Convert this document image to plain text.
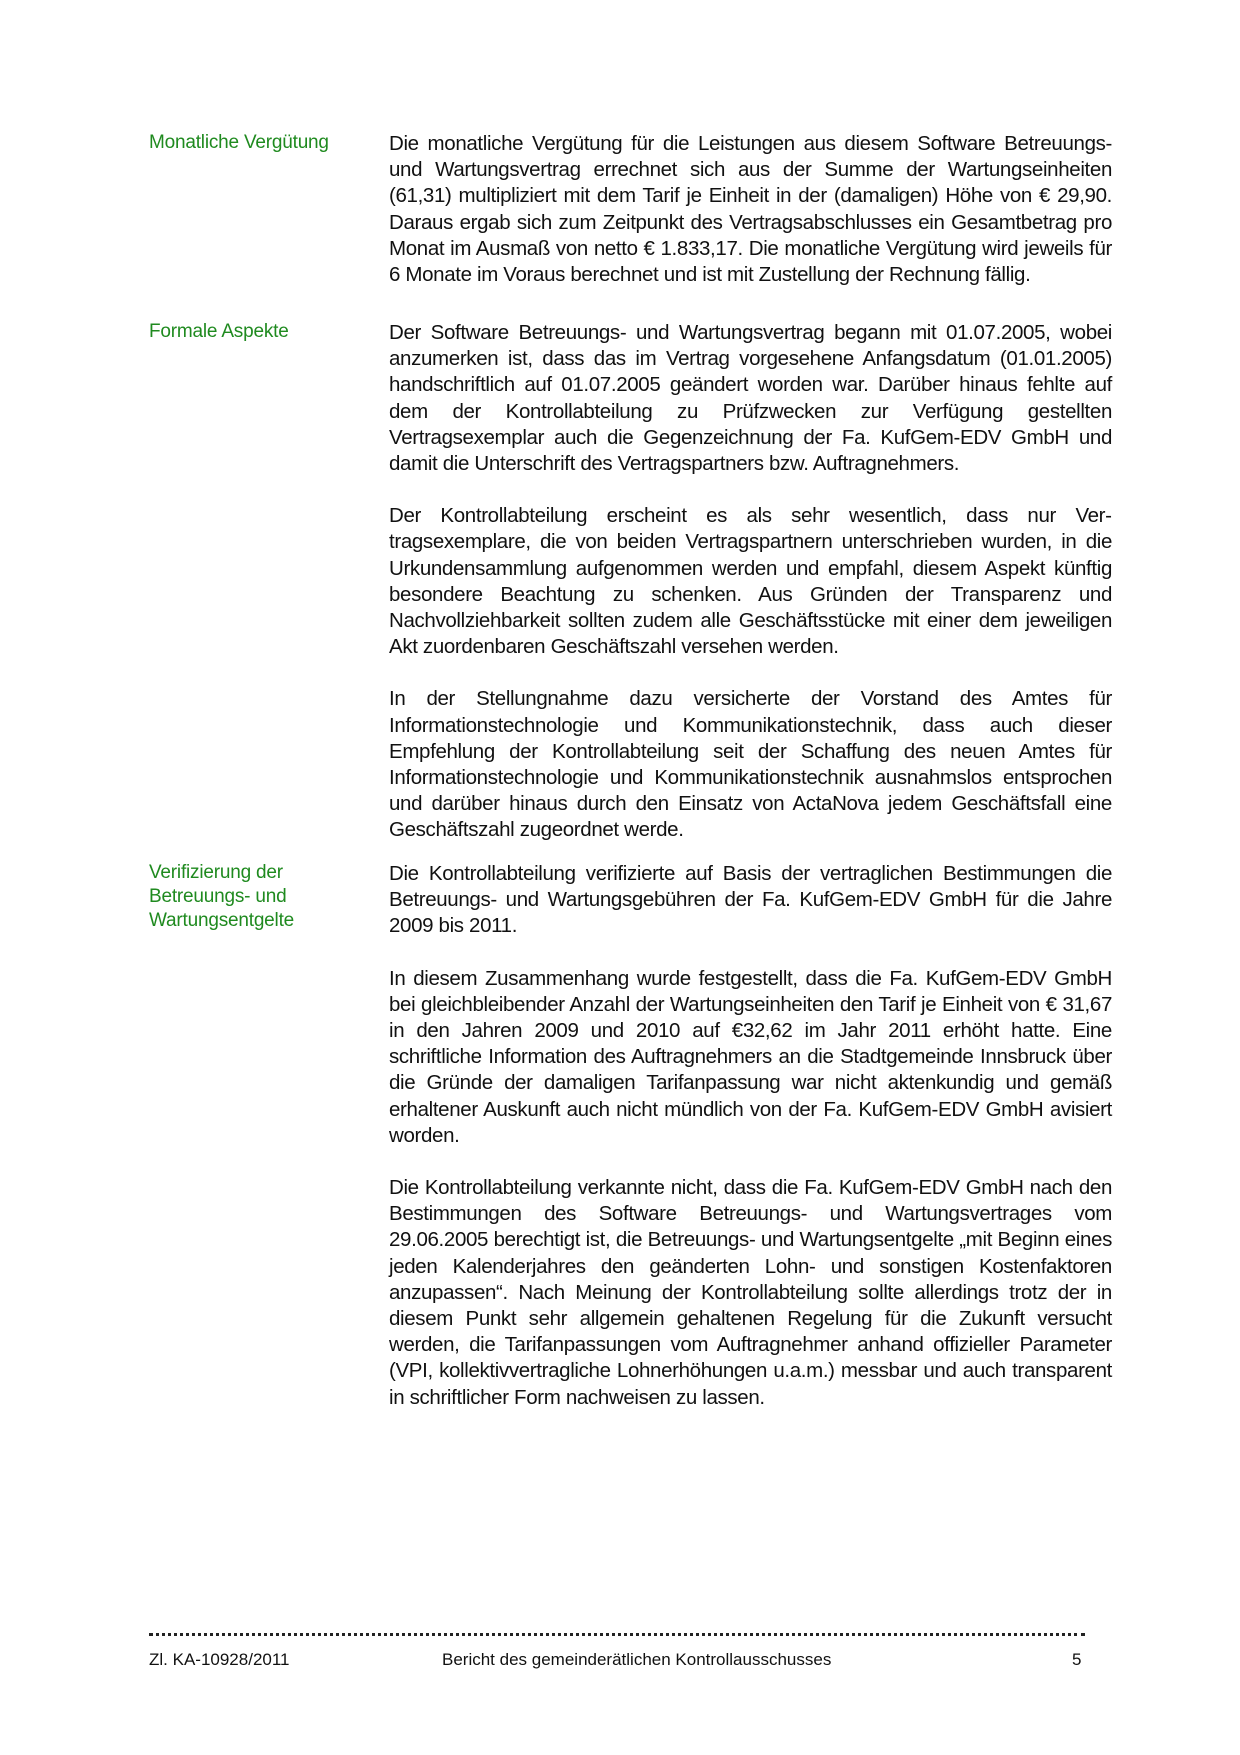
Monatliche Vergütung	Die monatliche Vergütung für die Leistungen aus diesem Software Betreuungs- und Wartungsvertrag errechnet sich aus der Summe der Wartungseinheiten (61,31) multipliziert mit dem Tarif je Einheit in der (damaligen) Höhe von € 29,90. Daraus ergab sich zum Zeitpunkt des Vertragsabschlusses ein Gesamtbetrag pro Monat im Ausmaß von netto € 1.833,17. Die monatliche Vergütung wird jeweils für 6 Monate im Voraus berechnet und ist mit Zustellung der Rechnung fällig.

Formale Aspekte	Der Software Betreuungs- und Wartungsvertrag begann mit 01.07.2005, wobei anzumerken ist, dass das im Vertrag vorgesehene Anfangsdatum (01.01.2005) handschriftlich auf 01.07.2005 geändert worden war. Darüber hinaus fehlte auf dem der Kontrollabteilung zu Prüfzwecken zur Verfügung gestellten Vertragsexemplar auch die Gegenzeichnung der Fa. KufGem-EDV GmbH und damit die Unterschrift des Vertragspartners bzw. Auftragnehmers.

Der Kontrollabteilung erscheint es als sehr wesentlich, dass nur Vertragsexemplare, die von beiden Vertragspartnern unterschrieben wurden, in die Urkundensammlung aufgenommen werden und empfahl, diesem Aspekt künftig besondere Beachtung zu schenken. Aus Gründen der Transparenz und Nachvollziehbarkeit sollten zudem alle Geschäftsstücke mit einer dem jeweiligen Akt zuordenbaren Geschäftszahl versehen werden.

In der Stellungnahme dazu versicherte der Vorstand des Amtes für Informationstechnologie und Kommunikationstechnik, dass auch dieser Empfehlung der Kontrollabteilung seit der Schaffung des neuen Amtes für Informationstechnologie und Kommunikationstechnik ausnahmslos entsprochen und darüber hinaus durch den Einsatz von ActaNova jedem Geschäftsfall eine Geschäftszahl zugeordnet werde.

Verifizierung der Betreuungs- und Wartungsentgelte

Die Kontrollabteilung verifizierte auf Basis der vertraglichen Bestimmungen die Betreuungs- und Wartungsgebühren der Fa. KufGem-EDV GmbH für die Jahre 2009 bis 2011.

In diesem Zusammenhang wurde festgestellt, dass die Fa. KufGem-EDV GmbH bei gleichbleibender Anzahl der Wartungseinheiten den Tarif je Einheit von € 31,67 in den Jahren 2009 und 2010 auf €32,62 im Jahr 2011 erhöht hatte. Eine schriftliche Information des Auftragnehmers an die Stadtgemeinde Innsbruck über die Gründe der damaligen Tarifanpassung war nicht aktenkundig und gemäß erhaltener Auskunft auch nicht mündlich von der Fa. KufGem-EDV GmbH avisiert worden.

Die Kontrollabteilung verkannte nicht, dass die Fa. KufGem-EDV GmbH nach den Bestimmungen des Software Betreuungs- und Wartungsvertrages vom 29.06.2005 berechtigt ist, die Betreuungs- und Wartungsentgelte „mit Beginn eines jeden Kalenderjahres den geänderten Lohn- und sonstigen Kostenfaktoren anzupassen“. Nach Meinung der Kontrollabteilung sollte allerdings trotz der in diesem Punkt sehr allgemein gehaltenen Regelung für die Zukunft versucht werden, die Tarifanpassungen vom Auftragnehmer anhand offizieller Parameter (VPI, kollektivvertragliche Lohnerhöhungen u.a.m.) messbar und auch transparent in schriftlicher Form nachweisen zu lassen.

Zl. KA-10928/2011	Bericht des gemeinderätlichen Kontrollausschusses	5
